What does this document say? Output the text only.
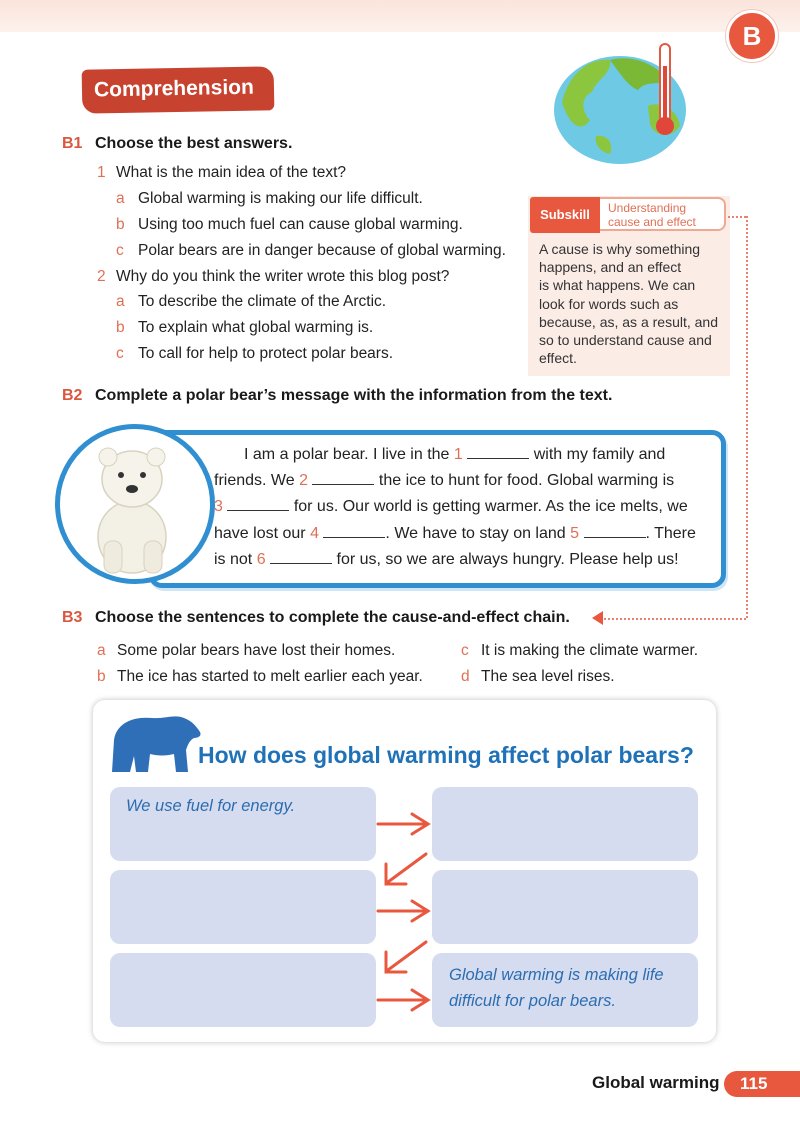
B
Comprehension
B1 Choose the best answers.
1 What is the main idea of the text?
a Global warming is making our life difficult.
b Using too much fuel can cause global warming.
c Polar bears are in danger because of global warming.
2 Why do you think the writer wrote this blog post?
a To describe the climate of the Arctic.
b To explain what global warming is.
c To call for help to protect polar bears.
Subskill	Understanding
cause and effect
A cause is why something
happens, and an effect
is what happens. We can
look for words such as
because, as, as a result, and
so to understand cause and
effect.
B2 Complete a polar bear’s message with the information from the text.
I am a polar bear. I live in the 1	with my family and
friends. We 2	the ice to hunt for food. Global warming is
3	for us. Our world is getting warmer. As the ice melts, we
have lost our 4	. We have to stay on land 5	. There
is not 6	for us, so we are always hungry. Please help us!
B3 Choose the sentences to complete the cause-and-effect chain.
a Some polar bears have lost their homes.
b The ice has started to melt earlier each year.
c It is making the climate warmer.
d The sea level rises.
How does global warming affect polar bears?
We use fuel for energy.
Global warming is making life
difficult for polar bears.
Global warming	115
